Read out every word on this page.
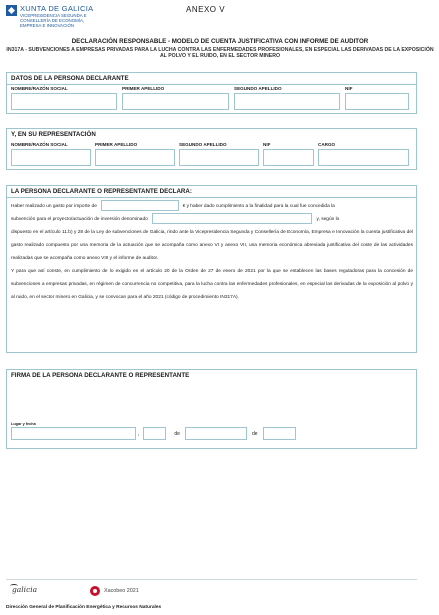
XUNTA DE GALICIA
VICEPRESIDENCIA SEGUNDA E
CONSELLERÍA DE ECONOMÍA,
EMPRESA E INNOVACIÓN
ANEXO V
DECLARACIÓN RESPONSABLE - MODELO DE CUENTA JUSTIFICATIVA CON INFORME DE AUDITOR
IN317A - SUBVENCIONES A EMPRESAS PRIVADAS PARA LA LUCHA CONTRA LAS ENFERMEDADES PROFESIONALES, EN ESPECIAL LAS DERIVADAS DE LA EXPOSICIÓN AL POLVO Y EL RUIDO, EN EL SECTOR MINERO
DATOS DE LA PERSONA DECLARANTE
NOMBRE/RAZÓN SOCIAL	PRIMER APELLIDO	SEGUNDO APELLIDO	NIF
Y, EN SU REPRESENTACIÓN
NOMBRE/RAZÓN SOCIAL	PRIMER APELLIDO	SEGUNDO APELLIDO	NIF	CARGO
LA PERSONA DECLARANTE O REPRESENTANTE DECLARA:
Haber realizado un gasto por importe de	€ y haber dado cumplimiento a la finalidad para la cual fue concedida la
subvención para el proyecto/actuación de inversión denominado	y, según lo
dispuesto en el artículo 11.b) y 28 de la Ley de subvenciones de Galicia, rindo ante la Vicepresidencia Segunda y Consellería de Economía, Empresa e Innovación la cuenta justificativa del gasto realizado compuesto por una memoria de la actuación que se acompaña como anexo VI y anexo VII, una memoria económica abreviada justificativa del coste de las actividades realizadas que se acompaña como anexo VIII y el informe de auditor.
Y para que así conste, en cumplimiento de lo exigido en el artículo 20 de la Orden de 27 de enero de 2021 por la que se establecen las bases reguladoras para la concesión de subvenciones a empresas privadas, en régimen de concurrencia no competitiva, para la lucha contra las enfermedades profesionales, en especial las derivadas de la exposición al polvo y al ruido, en el sector minero en Galicia, y se convocan para el año 2021 (código de procedimiento IN317A).
FIRMA DE LA PERSONA DECLARANTE O REPRESENTANTE
Lugar y fecha
,	de	de
galicia	Xacobeo 2021
Dirección General de Planificación Energética y Recursos Naturales
